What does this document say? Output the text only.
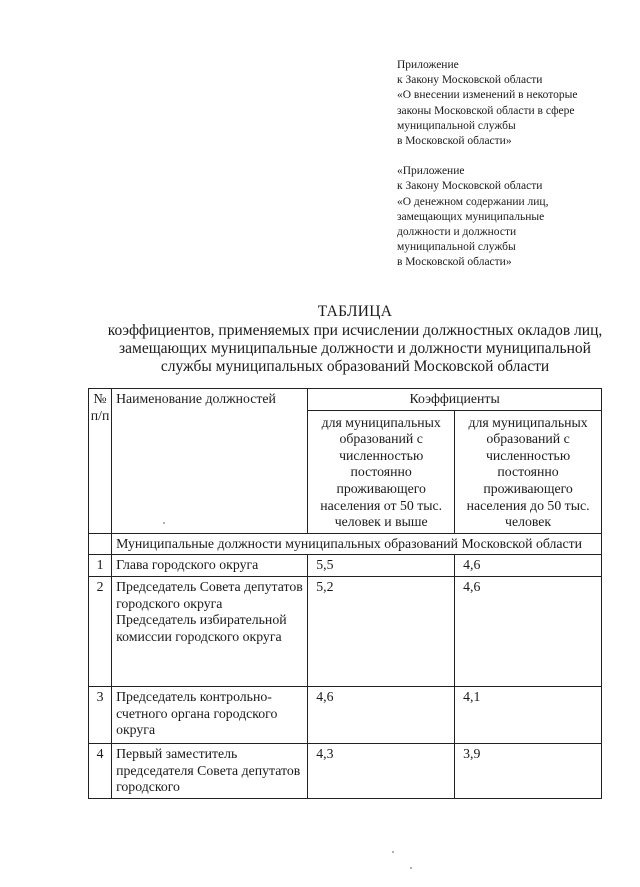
Приложение
к Закону Московской области
«О внесении изменений в некоторые
законы Московской области в сфере
муниципальной службы
в Московской области»
«Приложение
к Закону Московской области
«О денежном содержании лиц,
замещающих муниципальные
должности и должности
муниципальной службы
в Московской области»
ТАБЛИЦА
коэффициентов, применяемых при исчислении должностных окладов лиц,
замещающих муниципальные должности и должности муниципальной
службы муниципальных образований Московской области
№ п/п	Наименование должностей	Коэффициенты	
		для муниципальных образований с численностью постоянно проживающего населения от 50 тыс. человек и выше	для муниципальных образований с численностью постоянно проживающего населения до 50 тыс. человек
	Муниципальные должности муниципальных образований Московской области		
1	Глава городского округа	5,5	4,6
2	Председатель Совета депутатов городского округа Председатель избирательной комиссии городского округа	5,2	4,6
3	Председатель контрольно-счетного органа городского округа	4,6	4,1
4	Первый заместитель председателя Совета депутатов городского	4,3	3,9
